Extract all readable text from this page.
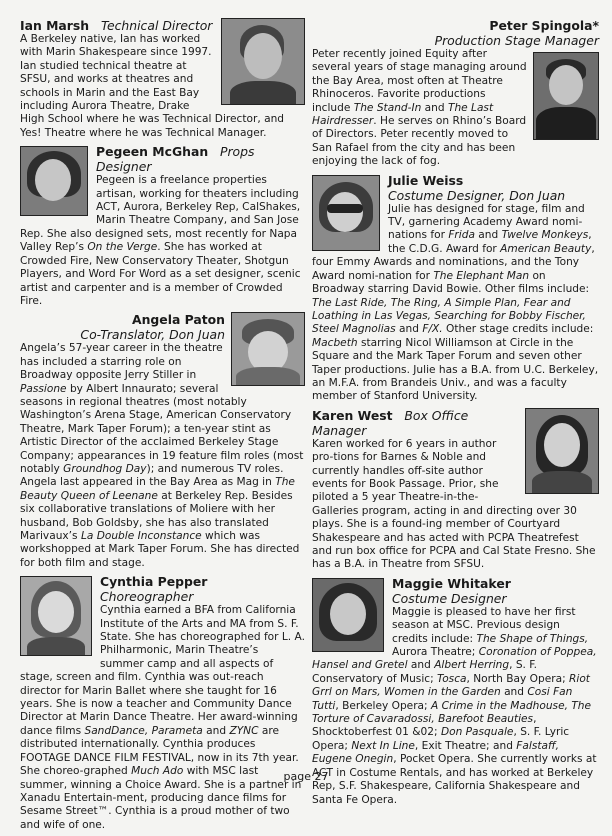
Ian Marsh Technical Director

A Berkeley native, Ian has worked with Marin Shakespeare since 1997. Ian studied technical theatre at SFSU, and works at theatres and schools in Marin and the East Bay including Aurora Theatre, Drake High School where he was Technical Director, and Yes! Theatre where he was Technical Manager.

Pegeen McGhan Props Designer

Pegeen is a freelance properties artisan, working for theaters including ACT, Aurora, Berkeley Rep, CalShakes, Marin Theatre Company, and San Jose Rep. She also designed sets, most recently for Napa Valley Rep’s On the Verge. She has worked at Crowded Fire, New Conservatory Theater, Shotgun Players, and Word For Word as a set designer, scenic artist and carpenter and is a member of Crowded Fire.

Angela Paton
Co-Translator, Don Juan

Angela’s 57-year career in the theatre has included a starring role on Broadway opposite Jerry Stiller in Passione by Albert Innaurato; several seasons in regional theatres (most notably Washington’s Arena Stage, American Conservatory Theatre, Mark Taper Forum); a ten-year stint as Artistic Director of the acclaimed Berkeley Stage Company; appearances in 19 feature film roles (most notably Groundhog Day); and numerous TV roles. Angela last appeared in the Bay Area as Mag in The Beauty Queen of Leenane at Berkeley Rep. Besides six collaborative translations of Moliere with her husband, Bob Goldsby, she has also translated Marivaux’s La Double Inconstance which was workshopped at Mark Taper Forum. She has directed for both film and stage.

Cynthia Pepper
Choreographer

Cynthia earned a BFA from California Institute of the Arts and MA from S. F. State. She has choreographed for L. A. Philharmonic, Marin Theatre’s summer camp and all aspects of stage, screen and film. Cynthia was out-reach director for Marin Ballet where she taught for 16 years. She is now a teacher and Community Dance Director at Marin Dance Theatre. Her award-winning dance films SandDance, Parameta and ZYNC are distributed internationally. Cynthia produces FOOTAGE DANCE FILM FESTIVAL, now in its 7th year. She choreo-graphed Much Ado with MSC last summer, winning a Choice Award. She is a partner in Xanadu Entertain-ment, producing dance films for Sesame Street™. Cynthia is a proud mother of two and wife of one.

Peter Spingola*
Production Stage Manager

Peter recently joined Equity after several years of stage managing around the Bay Area, most often at Theatre Rhinoceros. Favorite productions include The Stand-In and The Last Hairdresser. He serves on Rhino’s Board of Directors. Peter recently moved to San Rafael from the city and has been enjoying the lack of fog.

Julie Weiss
Costume Designer, Don Juan

Julie has designed for stage, film and TV, garnering Academy Award nomi-nations for Frida and Twelve Monkeys, the C.D.G. Award for American Beauty, four Emmy Awards and nominations, and the Tony Award nomi-nation for The Elephant Man on Broadway starring David Bowie. Other films include: The Last Ride, The Ring, A Simple Plan, Fear and Loathing in Las Vegas, Searching for Bobby Fischer, Steel Magnolias and F/X. Other stage credits include: Macbeth starring Nicol Williamson at Circle in the Square and the Mark Taper Forum and seven other Taper productions. Julie has a B.A. from U.C. Berkeley, an M.F.A. from Brandeis Univ., and was a faculty member of Stanford University.

Karen West Box Office Manager

Karen worked for 6 years in author pro-tions for Barnes & Noble and currently handles off-site author events for Book Passage. Prior, she piloted a 5 year Theatre-in-the-Galleries program, acting in and directing over 30 plays. She is a found-ing member of Courtyard Shakespeare and has acted with PCPA Theatrefest and run box office for PCPA and Cal State Fresno. She has a B.A. in Theatre from SFSU.

Maggie Whitaker
Costume Designer

Maggie is pleased to have her first season at MSC. Previous design credits include: The Shape of Things, Aurora Theatre; Coronation of Poppea, Hansel and Gretel and Albert Herring, S. F. Conservatory of Music; Tosca, North Bay Opera; Riot Grrl on Mars, Women in the Garden and Cosi Fan Tutti, Berkeley Opera; A Crime in the Madhouse, The Torture of Cavaradossi, Barefoot Beauties, Shocktoberfest 01 &02; Don Pasquale, S. F. Lyric Opera; Next In Line, Exit Theatre; and Falstaff, Eugene Onegin, Pocket Opera. She currently works at ACT in Costume Rentals, and has worked at Berkeley Rep, S.F. Shakespeare, California Shakespeare and Santa Fe Opera.

page 27
